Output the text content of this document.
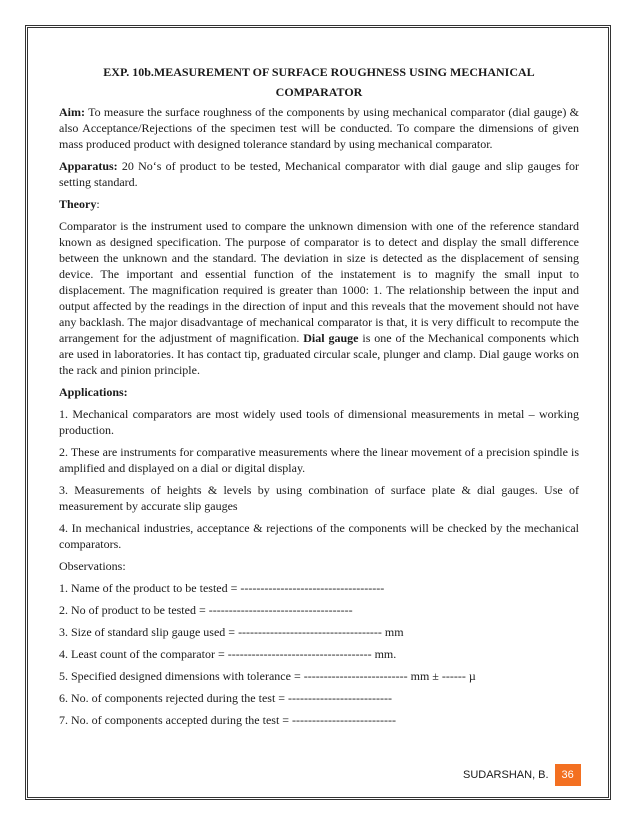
EXP. 10b.MEASUREMENT OF SURFACE ROUGHNESS USING MECHANICAL
COMPARATOR

Aim: To measure the surface roughness of the components by using mechanical comparator (dial gauge) & also Acceptance/Rejections of the specimen test will be conducted. To compare the dimensions of given mass produced product with designed tolerance standard by using mechanical comparator.

Apparatus: 20 No‘s of product to be tested, Mechanical comparator with dial gauge and slip gauges for setting standard.

Theory:

Comparator is the instrument used to compare the unknown dimension with one of the reference standard known as designed specification. The purpose of comparator is to detect and display the small difference between the unknown and the standard. The deviation in size is detected as the displacement of sensing device. The important and essential function of the instatement is to magnify the small input to displacement. The magnification required is greater than 1000: 1. The relationship between the input and output affected by the readings in the direction of input and this reveals that the movement should not have any backlash. The major disadvantage of mechanical comparator is that, it is very difficult to recompute the arrangement for the adjustment of magnification. Dial gauge is one of the Mechanical components which are used in laboratories. It has contact tip, graduated circular scale, plunger and clamp. Dial gauge works on the rack and pinion principle.

Applications:

1. Mechanical comparators are most widely used tools of dimensional measurements in metal – working production.

2. These are instruments for comparative measurements where the linear movement of a precision spindle is amplified and displayed on a dial or digital display.

3. Measurements of heights & levels by using combination of surface plate & dial gauges. Use of measurement by accurate slip gauges

4. In mechanical industries, acceptance & rejections of the components will be checked by the mechanical comparators.

Observations:

1. Name of the product to be tested = ------------------------------------
2. No of product to be tested = ------------------------------------
3. Size of standard slip gauge used = ------------------------------------ mm
4. Least count of the comparator = ------------------------------------ mm.
5. Specified designed dimensions with tolerance = -------------------------- mm ± ------ µ
6. No. of components rejected during the test = --------------------------
7. No. of components accepted during the test = --------------------------
SUDARSHAN, B.	36
